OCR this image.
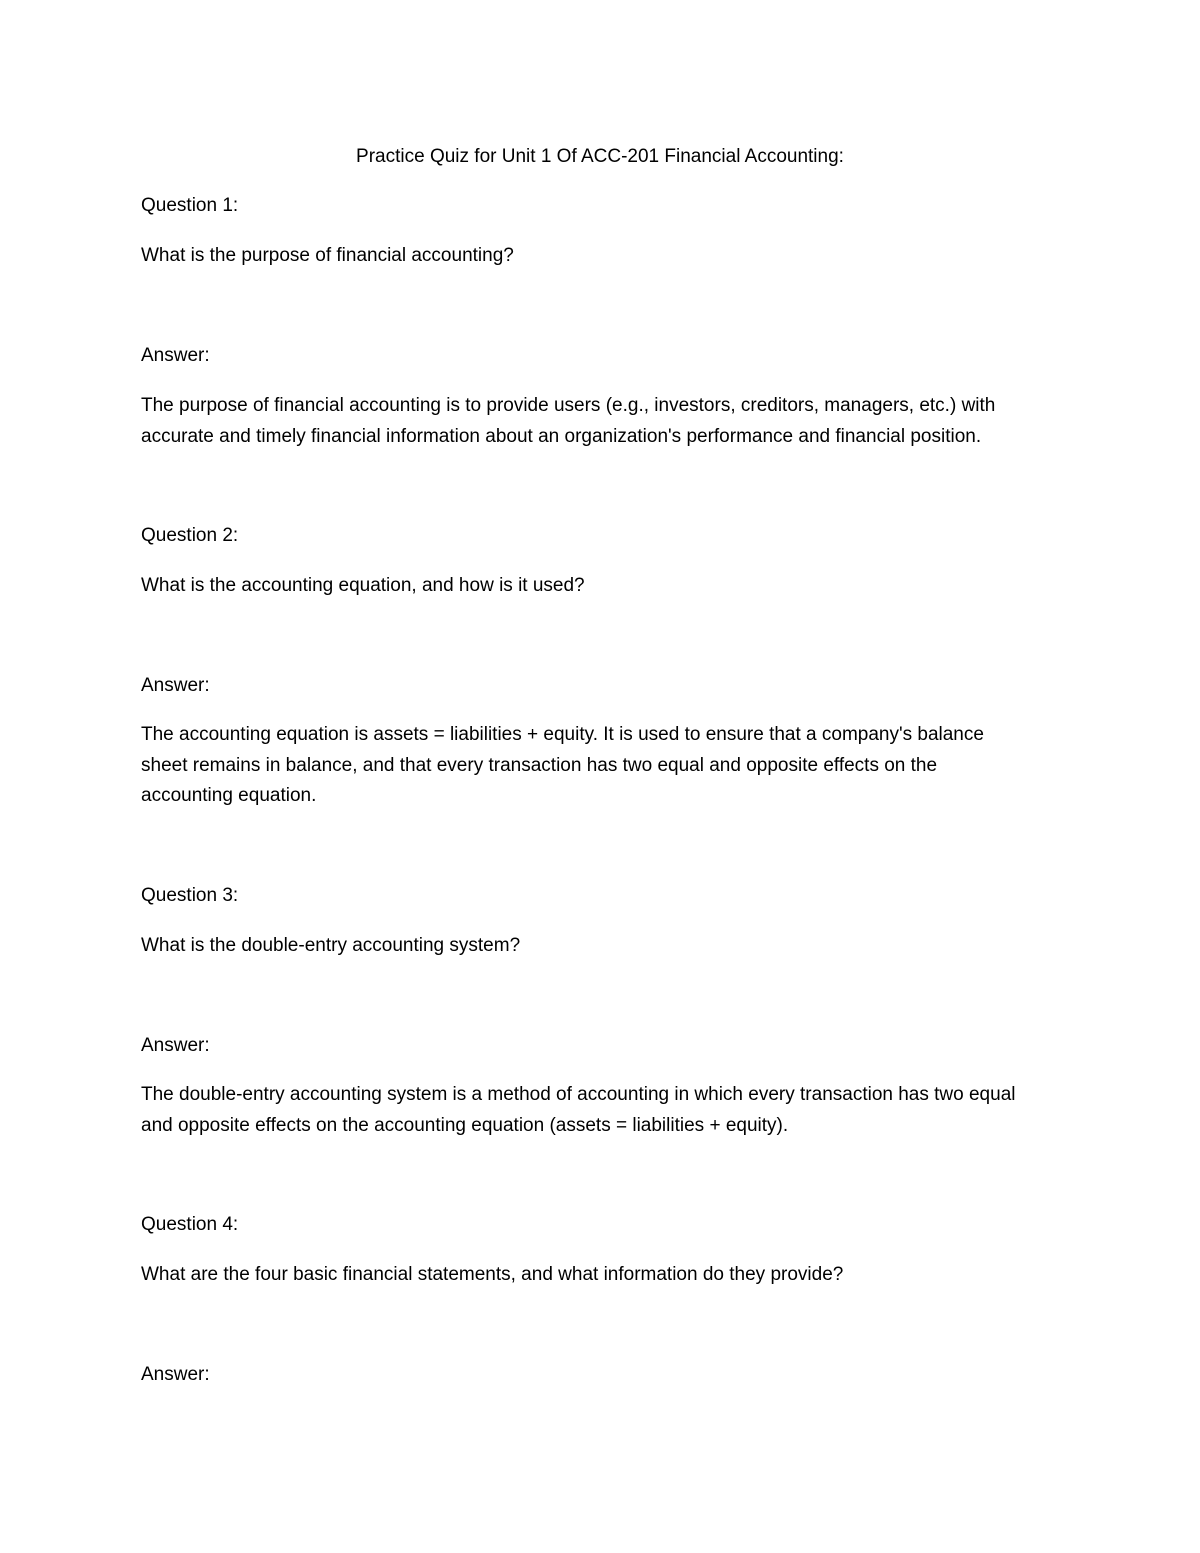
Practice Quiz for Unit 1 Of ACC-201 Financial Accounting:
Question 1:
What is the purpose of financial accounting?
Answer:
The purpose of financial accounting is to provide users (e.g., investors, creditors, managers, etc.) with
accurate and timely financial information about an organization's performance and financial position.
Question 2:
What is the accounting equation, and how is it used?
Answer:
The accounting equation is assets = liabilities + equity. It is used to ensure that a company's balance
sheet remains in balance, and that every transaction has two equal and opposite effects on the
accounting equation.
Question 3:
What is the double-entry accounting system?
Answer:
The double-entry accounting system is a method of accounting in which every transaction has two equal
and opposite effects on the accounting equation (assets = liabilities + equity).
Question 4:
What are the four basic financial statements, and what information do they provide?
Answer:
